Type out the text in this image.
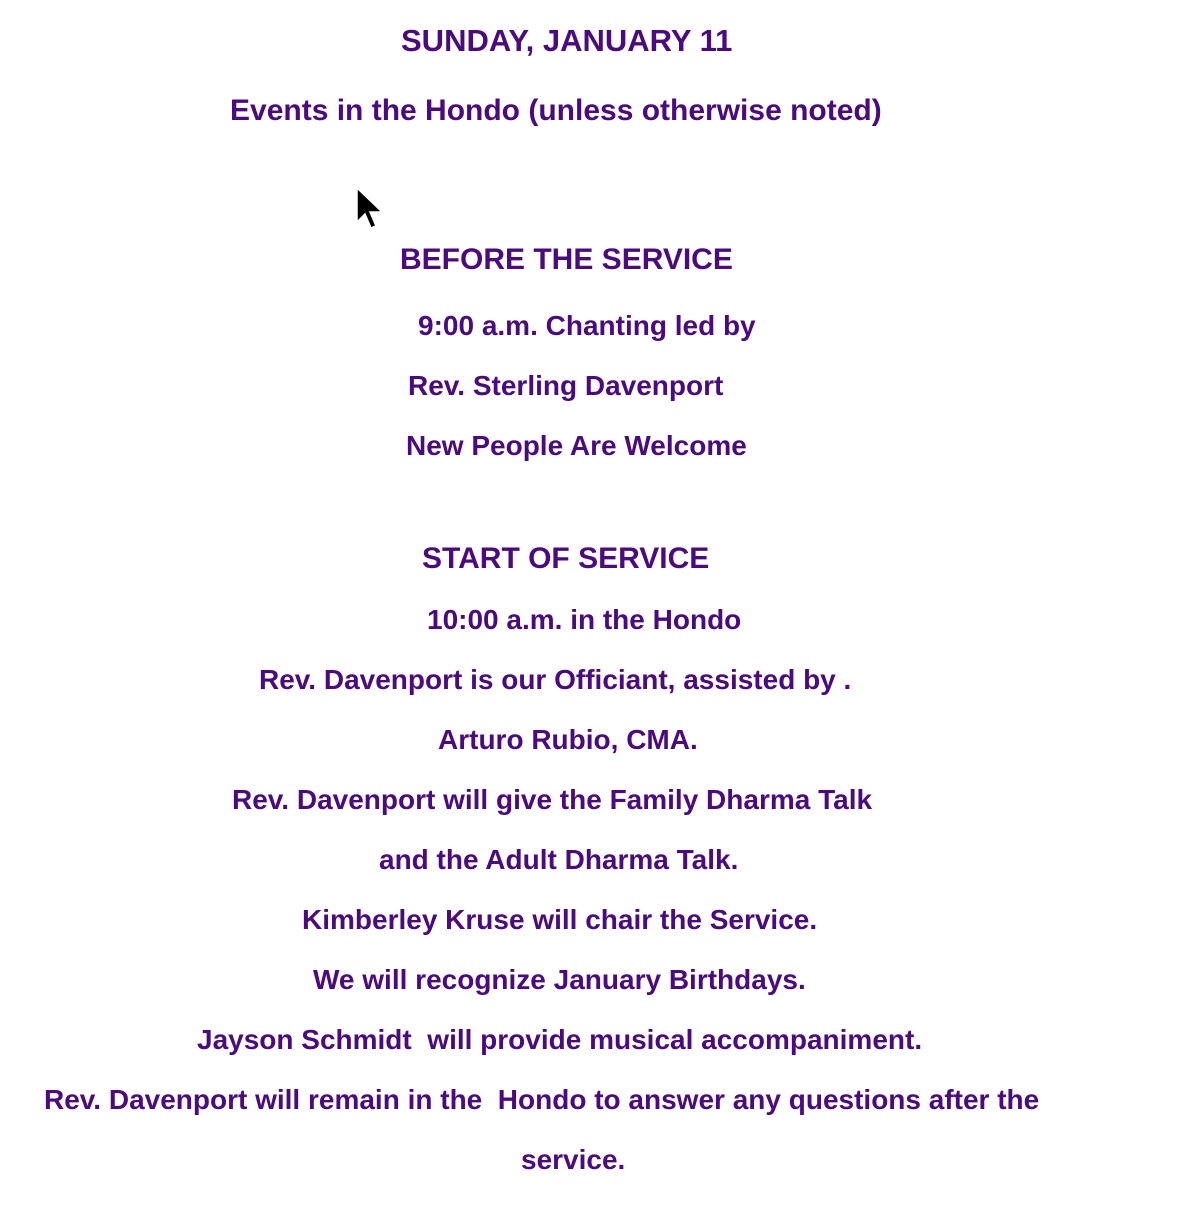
SUNDAY, JANUARY 11
Events in the Hondo (unless otherwise noted)
BEFORE THE SERVICE
9:00 a.m. Chanting led by
Rev. Sterling Davenport
New People Are Welcome
START OF SERVICE
10:00 a.m. in the Hondo
Rev. Davenport is our Officiant, assisted by .
Arturo Rubio, CMA.
Rev. Davenport will give the Family Dharma Talk
and the Adult Dharma Talk.
Kimberley Kruse will chair the Service.
We will recognize January Birthdays.
Jayson Schmidt  will provide musical accompaniment.
Rev. Davenport will remain in the  Hondo to answer any questions after the
service.
